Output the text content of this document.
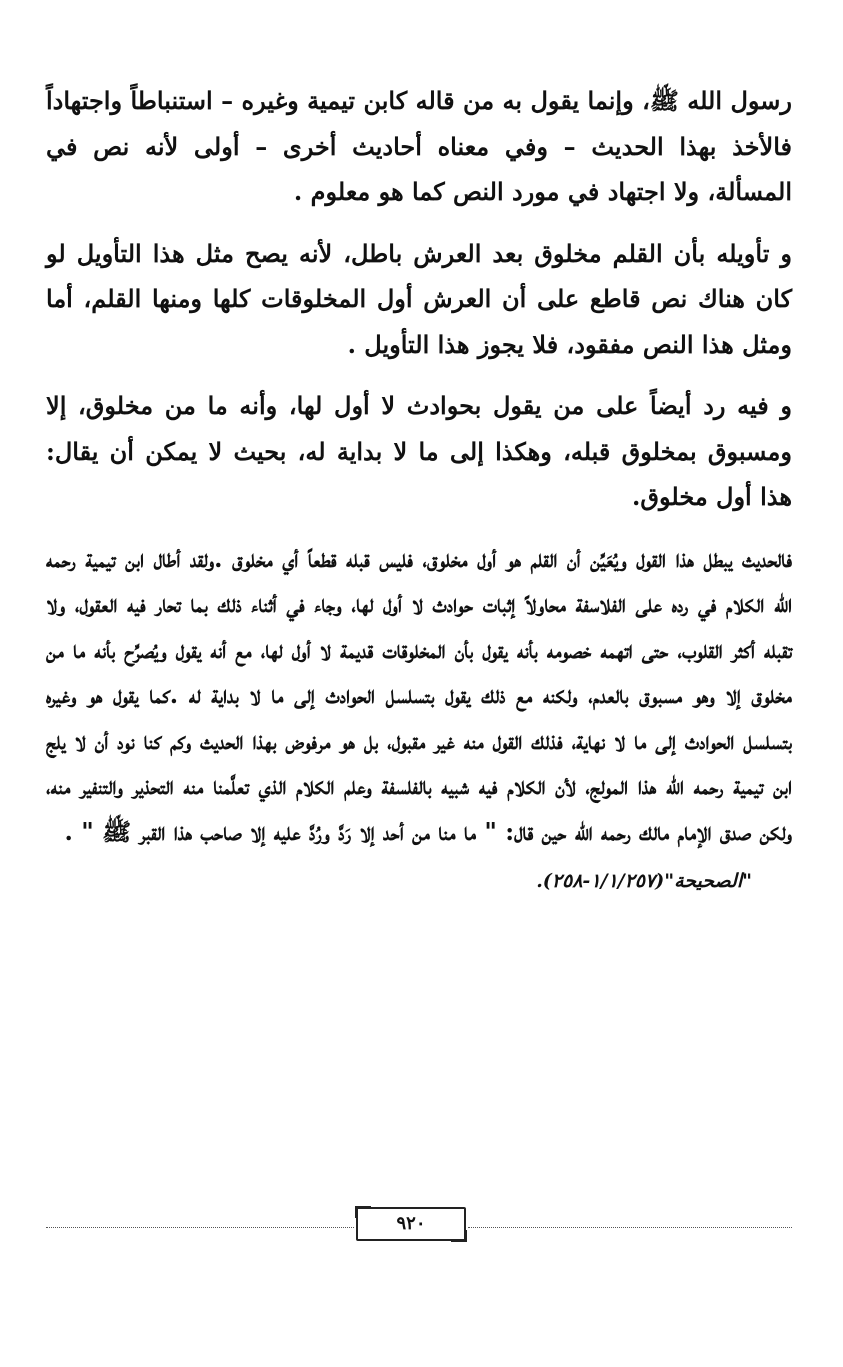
رسول الله ﷺ، وإنما يقول به من قاله كابن تيمية وغيره – استنباطاً واجتهاداً فالأخذ بهذا الحديث – وفي معناه أحاديث أخرى – أولى لأنه نص في المسألة، ولا اجتهاد في مورد النص كما هو معلوم .

و تأويله بأن القلم مخلوق بعد العرش باطل، لأنه يصح مثل هذا التأويل لو كان هناك نص قاطع على أن العرش أول المخلوقات كلها ومنها القلم، أما ومثل هذا النص مفقود، فلا يجوز هذا التأويل .

و فيه رد أيضاً على من يقول بحوادث لا أول لها، وأنه ما من مخلوق، إلا ومسبوق بمخلوق قبله، وهكذا إلى ما لا بداية له، بحيث لا يمكن أن يقال: هذا أول مخلوق.

فالحديث يبطل هذا القول ويُعَيِّن أن القلم هو أول مخلوق، فليس قبله قطعاً أي مخلوق .ولقد أطال ابن تيمية رحمه الله الكلام في رده على الفلاسفة محاولاً إثبات حوادث لا أول لها، وجاء في أثناء ذلك بما تحار فيه العقول، ولا تقبله أكثر القلوب، حتى اتهمه خصومه بأنه يقول بأن المخلوقات قديمة لا أول لها، مع أنه يقول ويُصرِّح بأنه ما من مخلوق إلا وهو مسبوق بالعدم، ولكنه مع ذلك يقول بتسلسل الحوادث إلى ما لا بداية له .كما يقول هو وغيره بتسلسل الحوادث إلى ما لا نهاية، فذلك القول منه غير مقبول، بل هو مرفوض بهذا الحديث وكم كنا نود أن لا يلج ابن تيمية رحمه الله هذا المولج، لأن الكلام فيه شبيه بالفلسفة وعلم الكلام الذي تعلَّمنا منه التحذير والتنفير منه، ولكن صدق الإمام مالك رحمه الله حين قال: " ما منا من أحد إلا رَدَّ ورُدَّ عليه إلا صاحب هذا القبر ﷺ " .

"الصحيحة"(١/١/٢٥٧-٢٥٨).

٩٢٠
